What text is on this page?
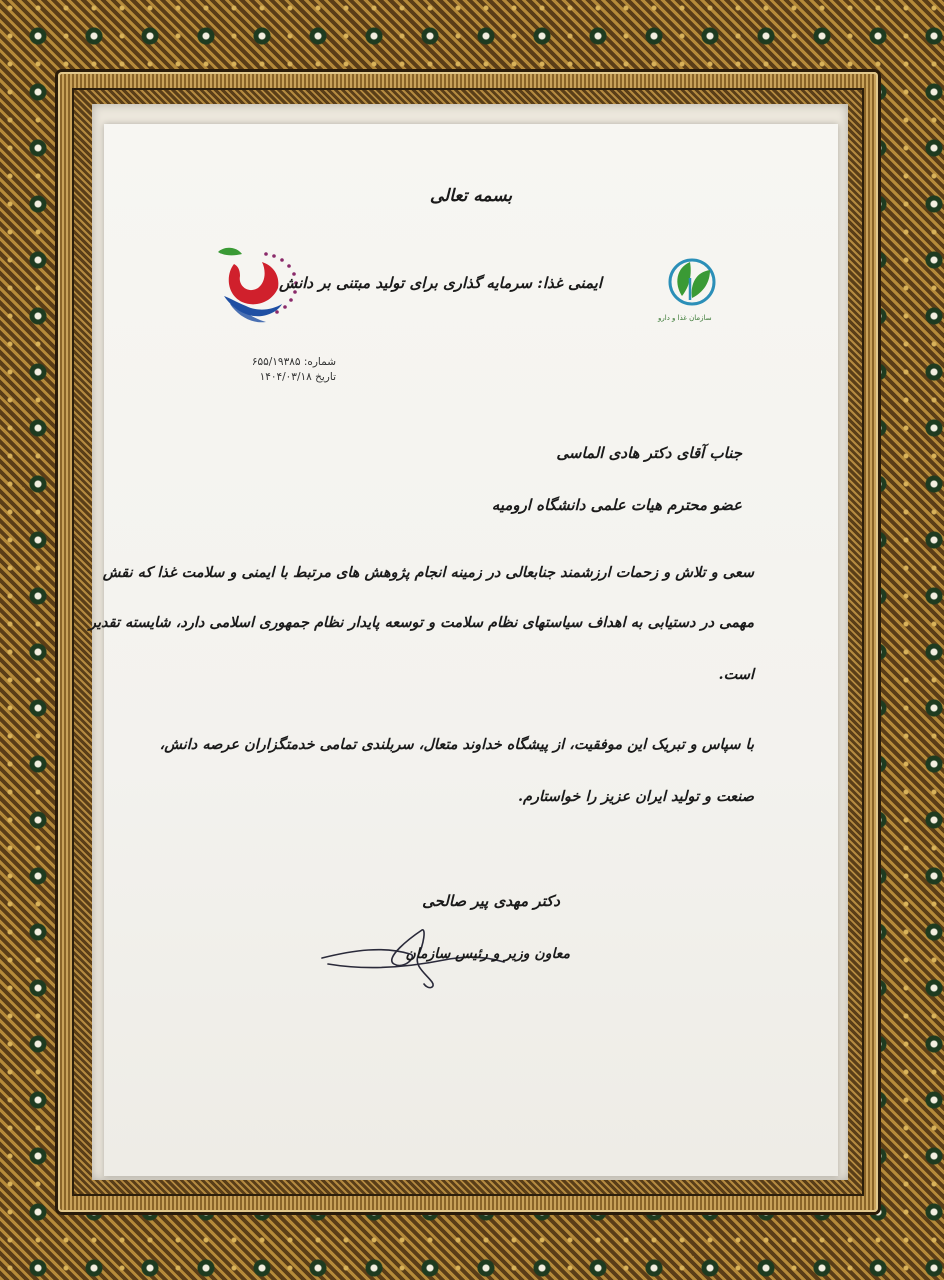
بسمه تعالی

ایمنی غذا: سرمایه گذاری برای تولید مبتنی بر دانش

سازمان غذا و دارو

شماره: ۶۵۵/۱۹۳۸۵

تاریخ ۱۴۰۴/۰۳/۱۸

جناب آقای دکتر هادی الماسی

عضو محترم هیات علمی دانشگاه ارومیه

سعی و تلاش و زحمات ارزشمند جنابعالی در زمینه انجام پژوهش های مرتبط با ایمنی و سلامت غذا که نقش

مهمی در دستیابی به اهداف سیاستهای نظام سلامت و توسعه پایدار نظام جمهوری اسلامی دارد، شایسته تقدیر

است.

با سپاس و تبریک این موفقیت، از پیشگاه خداوند متعال، سربلندی تمامی خدمتگزاران عرصه دانش،

صنعت و تولید ایران عزیز را خواستارم.

دکتر مهدی پیر صالحی

معاون وزیر و رئیس سازمان
